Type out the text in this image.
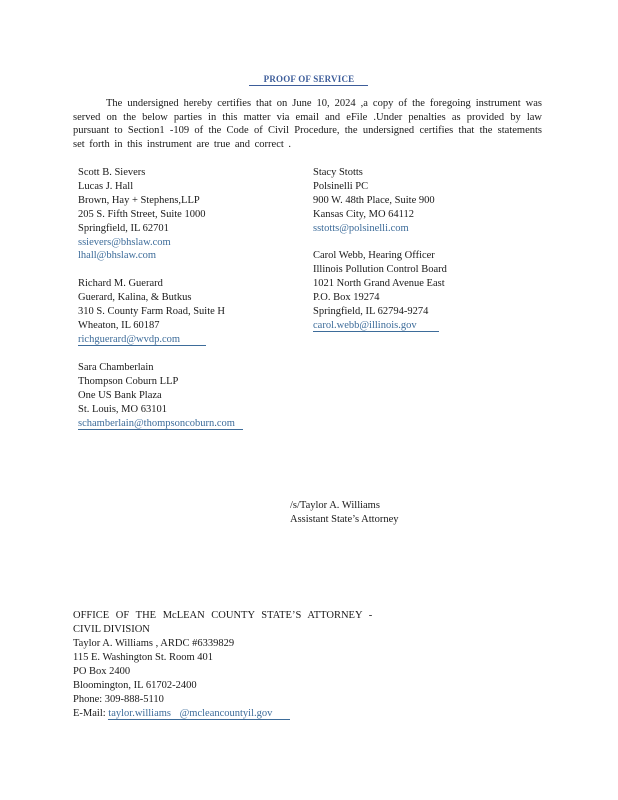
PROOF OF SERVICE
The undersigned hereby certifies that on June 10, 2024 ,a copy of the foregoing instrument was served on the below parties in this matter via email and eFile .Under penalties as provided by law pursuant to Section1 -109 of the Code of Civil Procedure, the undersigned certifies that the statements set forth in this instrument are true and correct .
Scott B. Sievers
Lucas J. Hall
Brown, Hay + Stephens,LLP
205 S. Fifth Street, Suite 1000
Springfield, IL 62701
ssievers@bhslaw.com
lhall@bhslaw.com
Richard M. Guerard
Guerard, Kalina, & Butkus
310 S. County Farm Road, Suite H
Wheaton, IL 60187
richguerard@wvdp.com
Sara Chamberlain
Thompson Coburn LLP
One US Bank Plaza
St. Louis, MO 63101
schamberlain@thompsoncoburn.com
Stacy Stotts
Polsinelli PC
900 W. 48th Place, Suite 900
Kansas City, MO 64112
sstotts@polsinelli.com
Carol Webb, Hearing Officer
Illinois Pollution Control Board
1021 North Grand Avenue East
P.O. Box 19274
Springfield, IL 62794-9274
carol.webb@illinois.gov
/s/Taylor A. Williams
Assistant State’s Attorney
OFFICE OF THE McLEAN COUNTY STATE’S ATTORNEY -
CIVIL DIVISION
Taylor A. Williams , ARDC #6339829
115 E. Washington St. Room 401
PO Box 2400
Bloomington, IL 61702-2400
Phone: 309-888-5110
E-Mail: taylor.williams @mcleancountyil.gov
